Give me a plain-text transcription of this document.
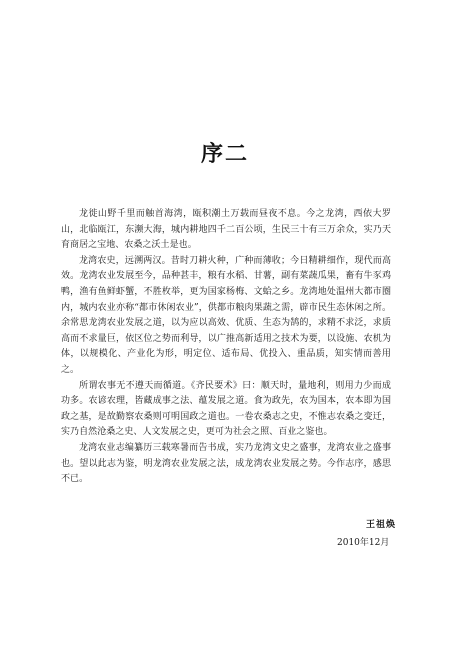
序二

龙徙山野千里而触首海湾，瓯积潮土万载而昼夜不息。今之龙湾，西依大罗山，北临瓯江，东濒大海，城内耕地四千二百公顷，生民三十有三万余众，实乃天育商居之宝地、农桑之沃土是也。

龙湾农史，远溯两汉。昔时刀耕火种，广种而薄收；今日精耕细作，现代而高效。龙湾农业发展至今，品种甚丰，粮有水稻、甘薯，副有菜蔬瓜果，畜有牛豕鸡鸭，渔有鱼鲜虾蟹，不胜枚举，更为国家杨梅、文蛤之乡。龙湾地处温州大都市圈内，城内农业亦称“都市休闲农业”，供都市粮肉果蔬之需，辟市民生态休闲之所。余常思龙湾农业发展之道，以为应以高效、优质、生态为鹄的，求精不求泛，求质高而不求量巨，依区位之势而利导，以广推高新适用之技术为要，以设施、农机为体，以规模化、产业化为形，明定位、适布局、优投入、重品质，知实情而善用之。

所谓农事无不遵天而循道。《齐民要术》曰：顺天时，量地利，则用力少而成功多。农谚农理，皆藏成事之法、蕴发展之道。食为政先，农为国本，农本即为国政之基，是故勤察农桑则可明国政之道也。一卷农桑志之史，不惟志农桑之变迁，实乃自然沧桑之史、人文发展之史，更可为社会之照、百业之鉴也。

龙湾农业志编纂历三载寒暑而告书成，实乃龙湾文史之盛事，龙湾农业之盛事也。望以此志为鉴，明龙湾农业发展之法，成龙湾农业发展之势。今作志序，感思不已。

王祖焕
2010年12月
